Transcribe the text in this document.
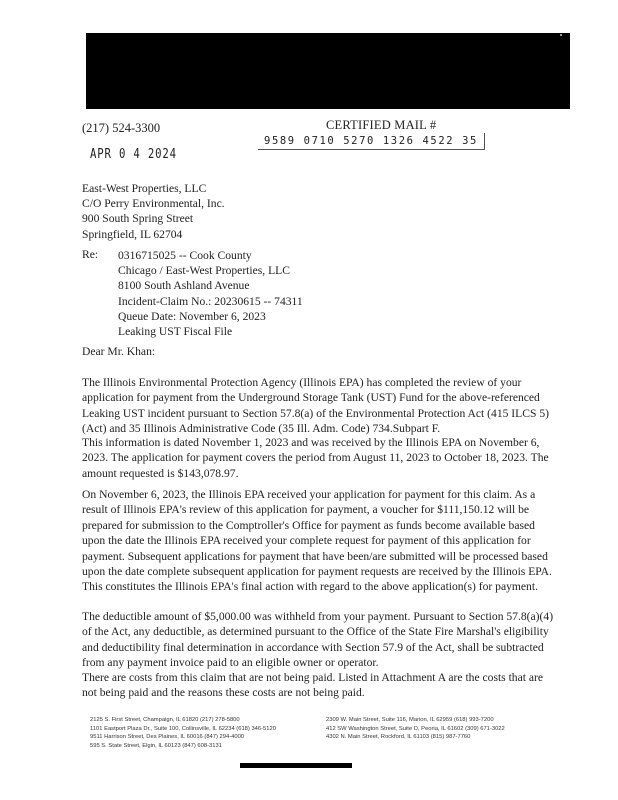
(217) 524-3300	CERTIFIED MAIL #
9589 0710 5270 1326 4522 35
APR 0 4 2024
East-West Properties, LLC
C/O Perry Environmental, Inc.
900 South Spring Street
Springfield, IL 62704
Re: 0316715025 -- Cook County
Chicago / East-West Properties, LLC
8100 South Ashland Avenue
Incident-Claim No.: 20230615 -- 74311
Queue Date: November 6, 2023
Leaking UST Fiscal File
Dear Mr. Khan:

The Illinois Environmental Protection Agency (Illinois EPA) has completed the review of your application for payment from the Underground Storage Tank (UST) Fund for the above-referenced Leaking UST incident pursuant to Section 57.8(a) of the Environmental Protection Act (415 ILCS 5) (Act) and 35 Illinois Administrative Code (35 Ill. Adm. Code) 734.Subpart F.

This information is dated November 1, 2023 and was received by the Illinois EPA on November 6, 2023. The application for payment covers the period from August 11, 2023 to October 18, 2023. The amount requested is $143,078.97.

On November 6, 2023, the Illinois EPA received your application for payment for this claim. As a result of Illinois EPA's review of this application for payment, a voucher for $111,150.12 will be prepared for submission to the Comptroller's Office for payment as funds become available based upon the date the Illinois EPA received your complete request for payment of this application for payment. Subsequent applications for payment that have been/are submitted will be processed based upon the date complete subsequent application for payment requests are received by the Illinois EPA. This constitutes the Illinois EPA's final action with regard to the above application(s) for payment.

The deductible amount of $5,000.00 was withheld from your payment. Pursuant to Section 57.8(a)(4) of the Act, any deductible, as determined pursuant to the Office of the State Fire Marshal's eligibility and deductibility final determination in accordance with Section 57.9 of the Act, shall be subtracted from any payment invoice paid to an eligible owner or operator.

There are costs from this claim that are not being paid. Listed in Attachment A are the costs that are not being paid and the reasons these costs are not being paid.

2125 S. First Street, Champaign, IL 61820 (217) 278-5800
1101 Eastport Plaza Dr., Suite 100, Collinsville, IL 62234 (618) 346-5120
9511 Harrison Street, Des Plaines, IL 60016 (847) 294-4000
595 S. State Street, Elgin, IL 60123 (847) 608-3131
2309 W. Main Street, Suite 116, Marion, IL 62959 (618) 993-7200
412 SW Washington Street, Suite D, Peoria, IL 61602 (309) 671-3022
4302 N. Main Street, Rockford, IL 61103 (815) 987-7760
